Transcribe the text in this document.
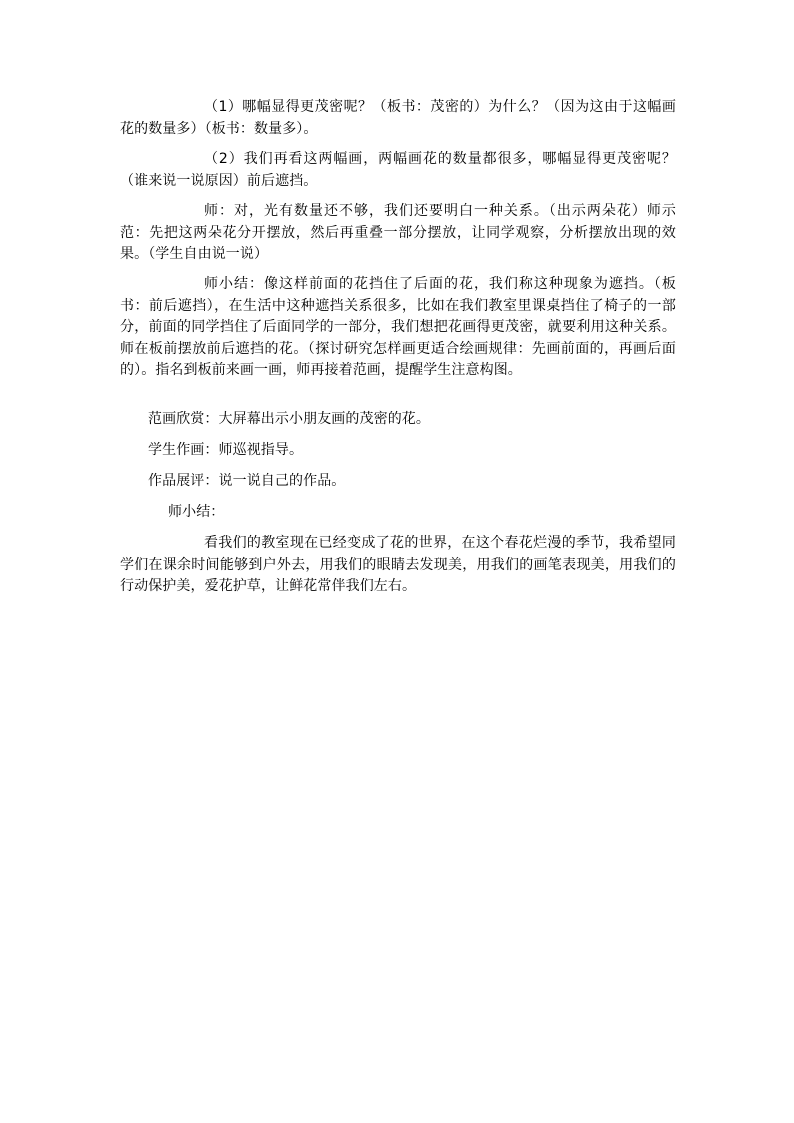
（1）哪幅显得更茂密呢？（板书：茂密的）为什么？（因为这由于这幅画花的数量多）（板书：数量多）。

（2）我们再看这两幅画，两幅画花的数量都很多，哪幅显得更茂密呢？（谁来说一说原因）前后遮挡。

师：对，光有数量还不够，我们还要明白一种关系。（出示两朵花）师示范：先把这两朵花分开摆放，然后再重叠一部分摆放，让同学观察，分析摆放出现的效果。（学生自由说一说）

师小结：像这样前面的花挡住了后面的花，我们称这种现象为遮挡。（板书：前后遮挡），在生活中这种遮挡关系很多，比如在我们教室里课桌挡住了椅子的一部分，前面的同学挡住了后面同学的一部分，我们想把花画得更茂密，就要利用这种关系。师在板前摆放前后遮挡的花。（探讨研究怎样画更适合绘画规律：先画前面的，再画后面的）。指名到板前来画一画，师再接着范画，提醒学生注意构图。

范画欣赏：大屏幕出示小朋友画的茂密的花。

学生作画：师巡视指导。

作品展评：说一说自己的作品。

师小结：

看我们的教室现在已经变成了花的世界，在这个春花烂漫的季节，我希望同学们在课余时间能够到户外去，用我们的眼睛去发现美，用我们的画笔表现美，用我们的行动保护美，爱花护草，让鲜花常伴我们左右。
